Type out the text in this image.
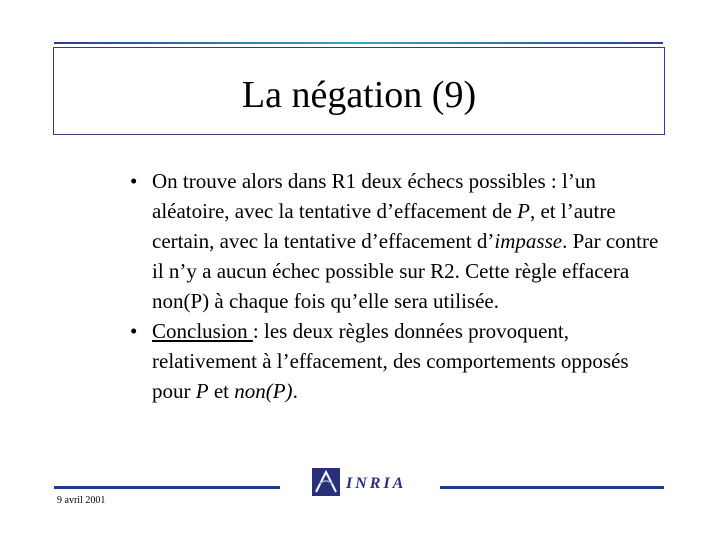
La négation (9)
• On trouve alors dans R1 deux échecs possibles : l’un aléatoire, avec la tentative d’effacement de P, et l’autre certain, avec la tentative d’effacement d’impasse. Par contre il n’y a aucun échec possible sur R2. Cette règle effacera non(P) à chaque fois qu’elle sera utilisée.
• Conclusion : les deux règles données provoquent, relativement à l’effacement, des comportements opposés pour P et non(P).
INRIA
9 avril 2001
